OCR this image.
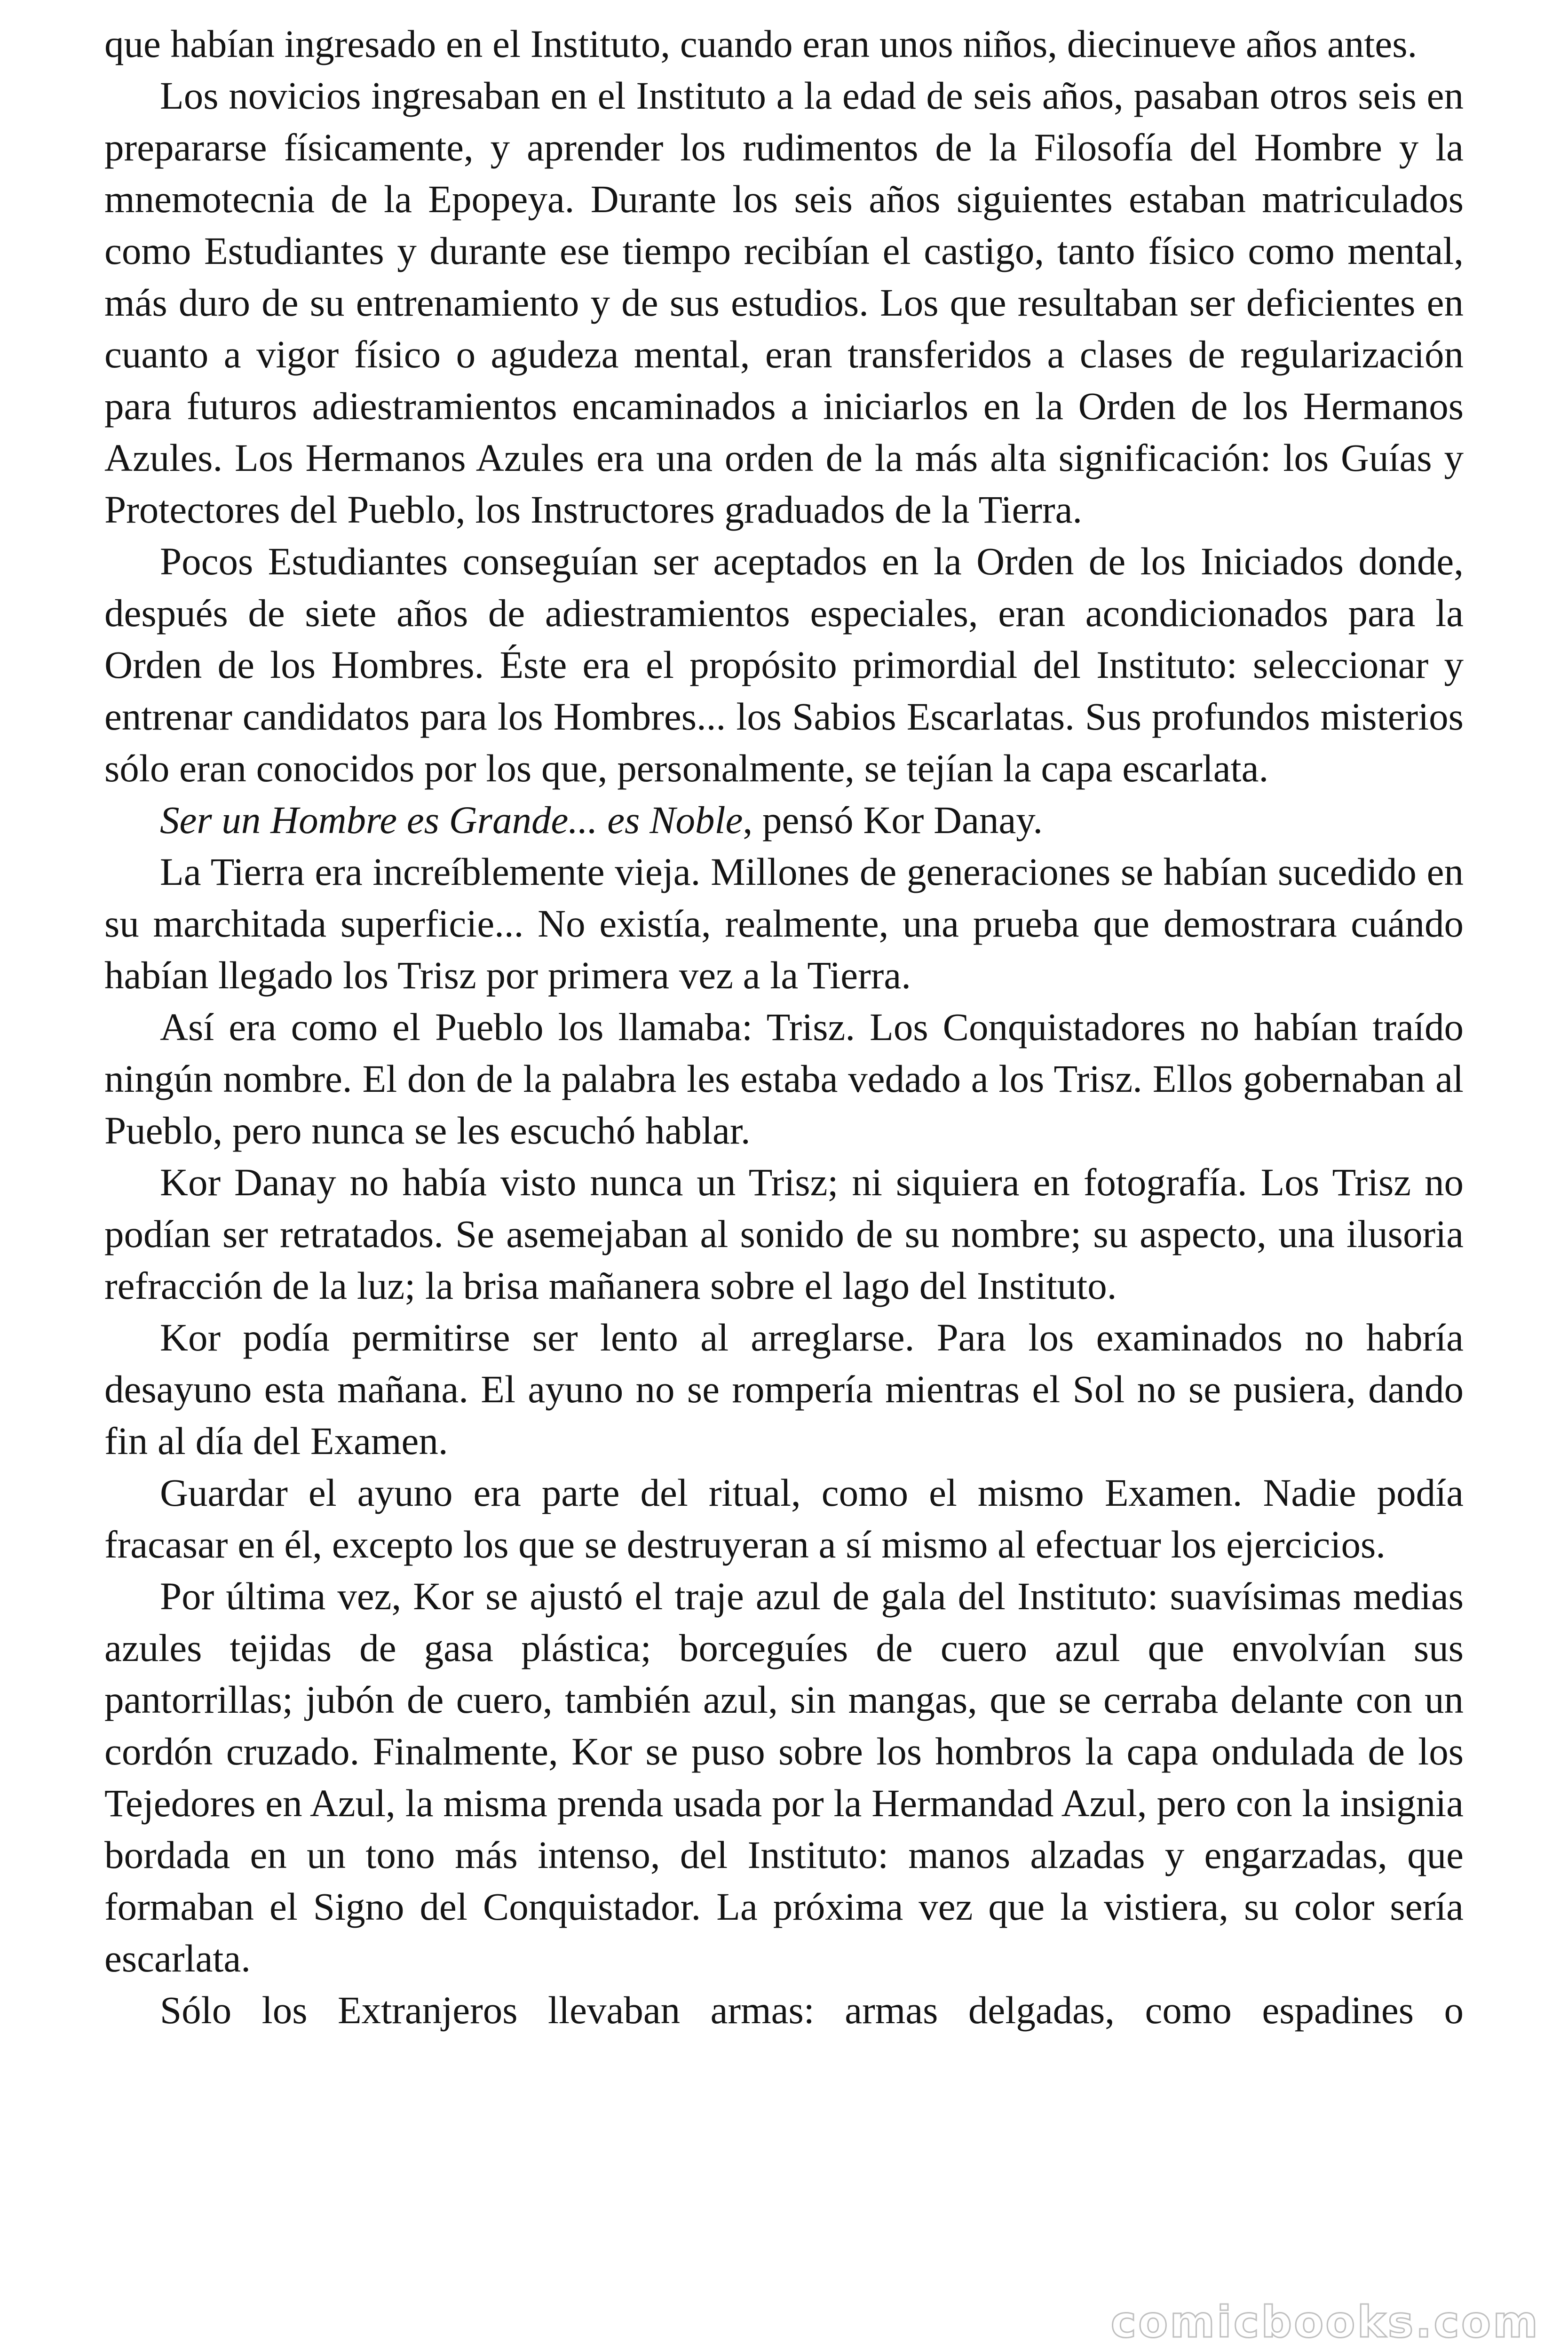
que habían ingresado en el Instituto, cuando eran unos niños, diecinueve años antes.

Los novicios ingresaban en el Instituto a la edad de seis años, pasaban otros seis en prepararse físicamente, y aprender los rudimentos de la Filosofía del Hombre y la mnemotecnia de la Epopeya. Durante los seis años siguientes estaban matriculados como Estudiantes y durante ese tiempo recibían el castigo, tanto físico como mental, más duro de su entrenamiento y de sus estudios. Los que resultaban ser deficientes en cuanto a vigor físico o agudeza mental, eran transferidos a clases de regularización para futuros adiestramientos encaminados a iniciarlos en la Orden de los Hermanos Azules. Los Hermanos Azules era una orden de la más alta significación: los Guías y Protectores del Pueblo, los Instructores graduados de la Tierra.

Pocos Estudiantes conseguían ser aceptados en la Orden de los Iniciados donde, después de siete años de adiestramientos especiales, eran acondicionados para la Orden de los Hombres. Éste era el propósito primordial del Instituto: seleccionar y entrenar candidatos para los Hombres... los Sabios Escarlatas. Sus profundos misterios sólo eran conocidos por los que, personalmente, se tejían la capa escarlata.

Ser un Hombre es Grande... es Noble, pensó Kor Danay.

La Tierra era increíblemente vieja. Millones de generaciones se habían sucedido en su marchitada superficie... No existía, realmente, una prueba que demostrara cuándo habían llegado los Trisz por primera vez a la Tierra.

Así era como el Pueblo los llamaba: Trisz. Los Conquistadores no habían traído ningún nombre. El don de la palabra les estaba vedado a los Trisz. Ellos gobernaban al Pueblo, pero nunca se les escuchó hablar.

Kor Danay no había visto nunca un Trisz; ni siquiera en fotografía. Los Trisz no podían ser retratados. Se asemejaban al sonido de su nombre; su aspecto, una ilusoria refracción de la luz; la brisa mañanera sobre el lago del Instituto.

Kor podía permitirse ser lento al arreglarse. Para los examinados no habría desayuno esta mañana. El ayuno no se rompería mientras el Sol no se pusiera, dando fin al día del Examen.

Guardar el ayuno era parte del ritual, como el mismo Examen. Nadie podía fracasar en él, excepto los que se destruyeran a sí mismo al efectuar los ejercicios.

Por última vez, Kor se ajustó el traje azul de gala del Instituto: suavísimas medias azules tejidas de gasa plástica; borceguíes de cuero azul que envolvían sus pantorrillas; jubón de cuero, también azul, sin mangas, que se cerraba delante con un cordón cruzado. Finalmente, Kor se puso sobre los hombros la capa ondulada de los Tejedores en Azul, la misma prenda usada por la Hermandad Azul, pero con la insignia bordada en un tono más intenso, del Instituto: manos alzadas y engarzadas, que formaban el Signo del Conquistador. La próxima vez que la vistiera, su color sería escarlata.

Sólo los Extranjeros llevaban armas: armas delgadas, como espadines o

comicbooks.com
